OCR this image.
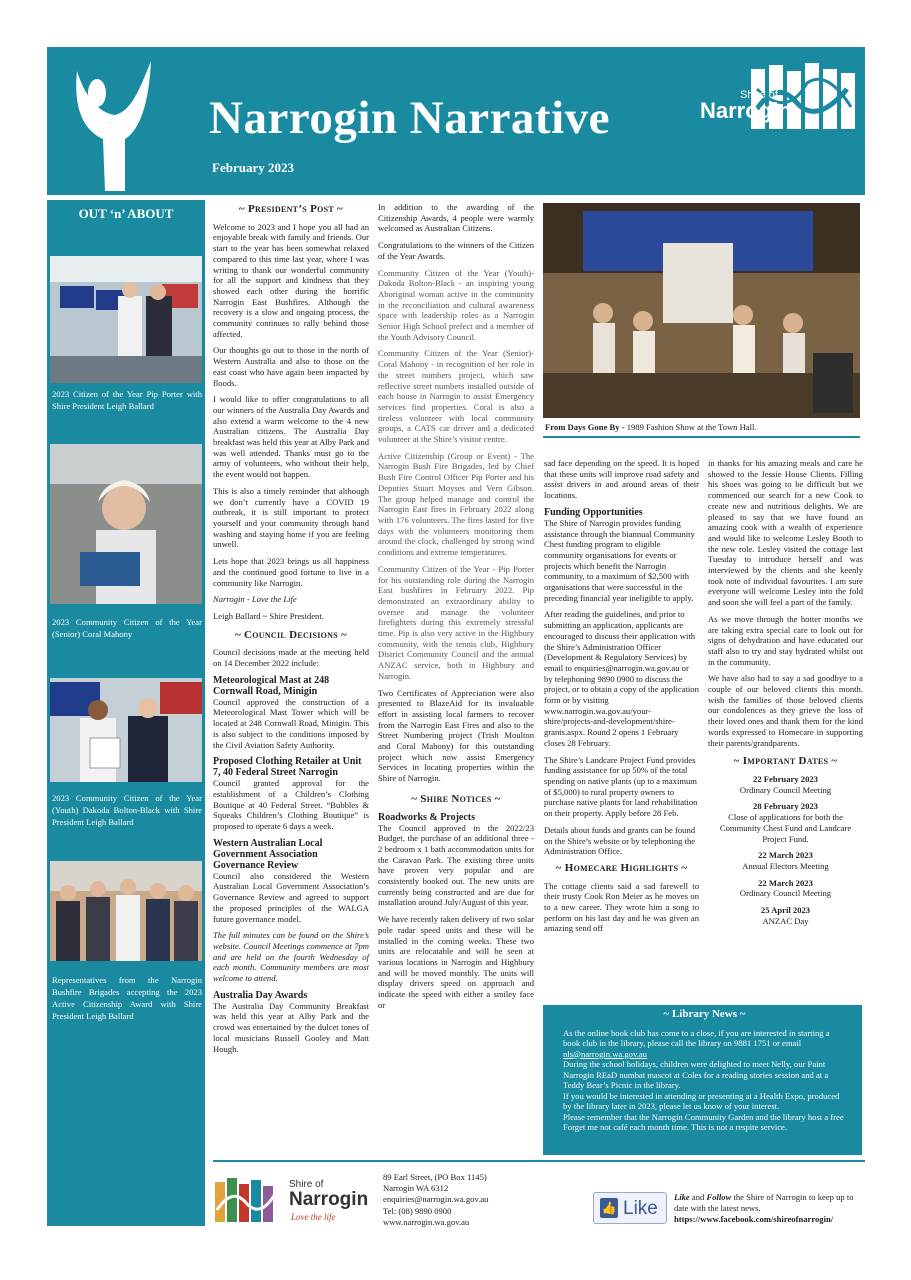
Narrogin Narrative
February 2023
Shire of
Narrogin
OUT ‘n’ ABOUT
2023 Citizen of the Year Pip Porter with Shire President Leigh Ballard
2023 Community Citizen of the Year (Senior) Coral Mahony
2023 Community Citizen of the Year (Youth) Dakoda Bolton-Black with Shire President Leigh Ballard
Representatives from the Narrogin Bushfire Brigades accepting the 2023 Active Citizenship Award with Shire President Leigh Ballard
~ President’s Post ~

Welcome to 2023 and I hope you all had an enjoyable break with family and friends. Our start to the year has been somewhat relaxed compared to this time last year, where I was writing to thank our wonderful community for all the support and kindness that they showed each other during the horrific Narrogin East Bushfires. Although the recovery is a slow and ongoing process, the community continues to rally behind those affected.

Our thoughts go out to those in the north of Western Australia and also to those on the east coast who have again been impacted by floods.

I would like to offer congratulations to all our winners of the Australia Day Awards and also extend a warm welcome to the 4 new Australian citizens. The Australia Day breakfast was held this year at Alby Park and was well attended. Thanks must go to the army of volunteers, who without their help, the event would not happen.

This is also a timely reminder that although we don’t currently have a COVID 19 outbreak, it is still important to protect yourself and your community through hand washing and staying home if you are feeling unwell.

Lets hope that 2023 brings us all happiness and the continued good fortune to live in a community like Narrogin.

Narrogin - Love the Life

Leigh Ballard ~ Shire President.

~ Council Decisions ~

Council decisions made at the meeting held on 14 December 2022 include:

Meteorological Mast at 248 Cornwall Road, Minigin

Council approved the construction of a Meteorological Mast Tower which will be located at 248 Cornwall Road, Minigin. This is also subject to the conditions imposed by the Civil Aviation Safety Authority.

Proposed Clothing Retailer at Unit 7, 40 Federal Street Narrogin

Council granted approval for the establishment of a Children’s Clothing Boutique at 40 Federal Street. “Bubbles & Squeaks Children’s Clothing Boutique” is proposed to operate 6 days a week.

Western Australian Local Government Association Governance Review

Council also considered the Western Australian Local Government Association’s Governance Review and agreed to support the proposed principles of the WALGA future governance model.

The full minutes can be found on the Shire’s website. Council Meetings commence at 7pm and are held on the fourth Wednesday of each month. Community members are most welcome to attend.

Australia Day Awards

The Australia Day Community Breakfast was held this year at Alby Park and the crowd was entertained by the dulcet tones of local musicians Russell Gooley and Matt Hough.

In addition to the awarding of the Citizenship Awards, 4 people were warmly welcomed as Australian Citizens.

Congratulations to the winners of the Citizen of the Year Awards.

Community Citizen of the Year (Youth)-Dakoda Bolton-Black - an inspiring young Aboriginal woman active in the community in the reconciliation and cultural awareness space with leadership roles as a Narrogin Senior High School prefect and a member of the Youth Advisory Council.

Community Citizen of the Year (Senior)- Coral Mahony - in recognition of her role in the street numbers project, which saw reflective street numbers installed outside of each house in Narrogin to assist Emergency services find properties. Coral is also a tireless volunteer with local community groups, a CATS car driver and a dedicated volunteer at the Shire’s visitor centre.

Active Citizenship (Group or Event) - The Narrogin Bush Fire Brigades, led by Chief Bush Fire Control Officer Pip Porter and his Deputies Stuart Moyses and Vern Gibson. The group helped manage and control the Narrogin East fires in February 2022 along with 176 volunteers. The fires lasted for five days with the volunteers monitoring them around the clock, challenged by strong wind conditions and extreme temperatures.

Community Citizen of the Year - Pip Porter for his outstanding role during the Narrogin East bushfires in February 2022. Pip demonstrated an extraordinary ability to oversee and manage the volunteer firefighters during this extremely stressful time. Pip is also very active in the Highbury community, with the tennis club, Highbury District Community Council and the annual ANZAC service, both in Highbury and Narrogin.

Two Certificates of Appreciation were also presented to BlazeAid for its invaluable effort in assisting local farmers to recover from the Narrogin East Fires and also to the Street Numbering project (Trish Moulton and Coral Mahony) for this outstanding project which now assist Emergency Services in locating properties within the Shire of Narrogin.

~ Shire Notices ~
Roadworks & Projects

The Council approved in the 2022/23 Budget, the purchase of an additional three - 2 bedroom x 1 bath accommodation units for the Caravan Park. The existing three units have proven very popular and are consistently booked out. The new units are currently being constructed and are due for installation around July/August of this year.

We have recently taken delivery of two solar pole radar speed units and these will be installed in the coming weeks. These two units are relocatable and will be seen at various locations in Narrogin and Highbury and will be moved monthly. The units will display drivers speed on approach and indicate the speed with either a smiley face or

From Days Gone By - 1989 Fashion Show at the Town Hall.

sad face depending on the speed. It is hoped that these units will improve road safety and assist drivers in and around areas of their locations.

Funding Opportunities

The Shire of Narrogin provides funding assistance through the biannual Community Chest funding program to eligible community organisations for events or projects which benefit the Narrogin community, to a maximum of $2,500 with organisations that were successful in the preceding financial year ineligible to apply.

After reading the guidelines, and prior to submitting an application, applicants are encouraged to discuss their application with the Shire’s Administration Officer (Development & Regulatory Services) by email to enquiries@narrogin.wa.gov.au or by telephoning 9890 0900 to discuss the project, or to obtain a copy of the application form or by visiting www.narrogin.wa.gov.au/your-shire/projects-and-development/shire-grants.aspx. Round 2 opens 1 February closes 28 February.

The Shire’s Landcare Project Fund provides funding assistance for up 50% of the total spending on native plants (up to a maximum of $5,000) to rural property owners to purchase native plants for land rehabilitation on their property. Apply before 28 Feb.

Details about funds and grants can be found on the Shire’s website or by telephoning the Administration Office.

~ Homecare Highlights ~

The cottage clients said a sad farewell to their trusty Cook Ron Meier as he moves on to a new career. They wrote him a song to perform on his last day and he was given an amazing send off

in thanks for his amazing meals and care he showed to the Jessie House Clients. Filling his shoes was going to be difficult but we commenced our search for a new Cook to create new and nutritious delights. We are pleased to say that we have found an amazing cook with a wealth of experience and would like to welcome Lesley Booth to the new role. Lesley visited the cottage last Tuesday to introduce herself and was interviewed by the clients and she keenly took note of individual favourites. I am sure everyone will welcome Lesley into the fold and soon she will feel a part of the family.

As we move through the hotter months we are taking extra special care to look out for signs of dehydration and have educated our staff also to try and stay hydrated whilst out in the community.

We have also had to say a sad goodbye to a couple of our beloved clients this month. wish the families of those beloved clients our condolences as they grieve the loss of their loved ones and thank them for the kind words expressed to Homecare in supporting their parents/grandparents.

~ Important Dates ~
22 February 2023
Ordinary Council Meeting
28 February 2023
Close of applications for both the Community Chest Fund and Landcare Project Fund.
22 March 2023
Annual Electors Meeting
22 March 2023
Ordinary Council Meeting
25 April 2023
ANZAC Day
~ Library News ~
As the online book club has come to a close, if you are interested in starting a book club in the library, please call the library on 9881 1751 or email nls@narrogin.wa.gov.au
During the school holidays, children were delighted to meet Nelly, our Paint Narrogin REaD numbat mascot at Coles for a reading stories session and at a Teddy Bear’s Picnic in the library.
If you would be interested in attending or presenting at a Health Expo, produced by the library later in 2023, please let us know of your interest.
Please remember that the Narrogin Community Garden and the library host a free Forget me not café each month time. This is not a respite service.
Shire of
Narrogin
Love the life
89 Earl Street, (PO Box 1145)
Narrogin WA 6312
enquiries@narrogin.wa.gov.au
Tel: (08) 9890 0900
www.narrogin.wa.gov.au
👍 Like
Like and Follow the Shire of Narrogin to keep up to date with the latest news.
https://www.facebook.com/shireofnarrogin/
